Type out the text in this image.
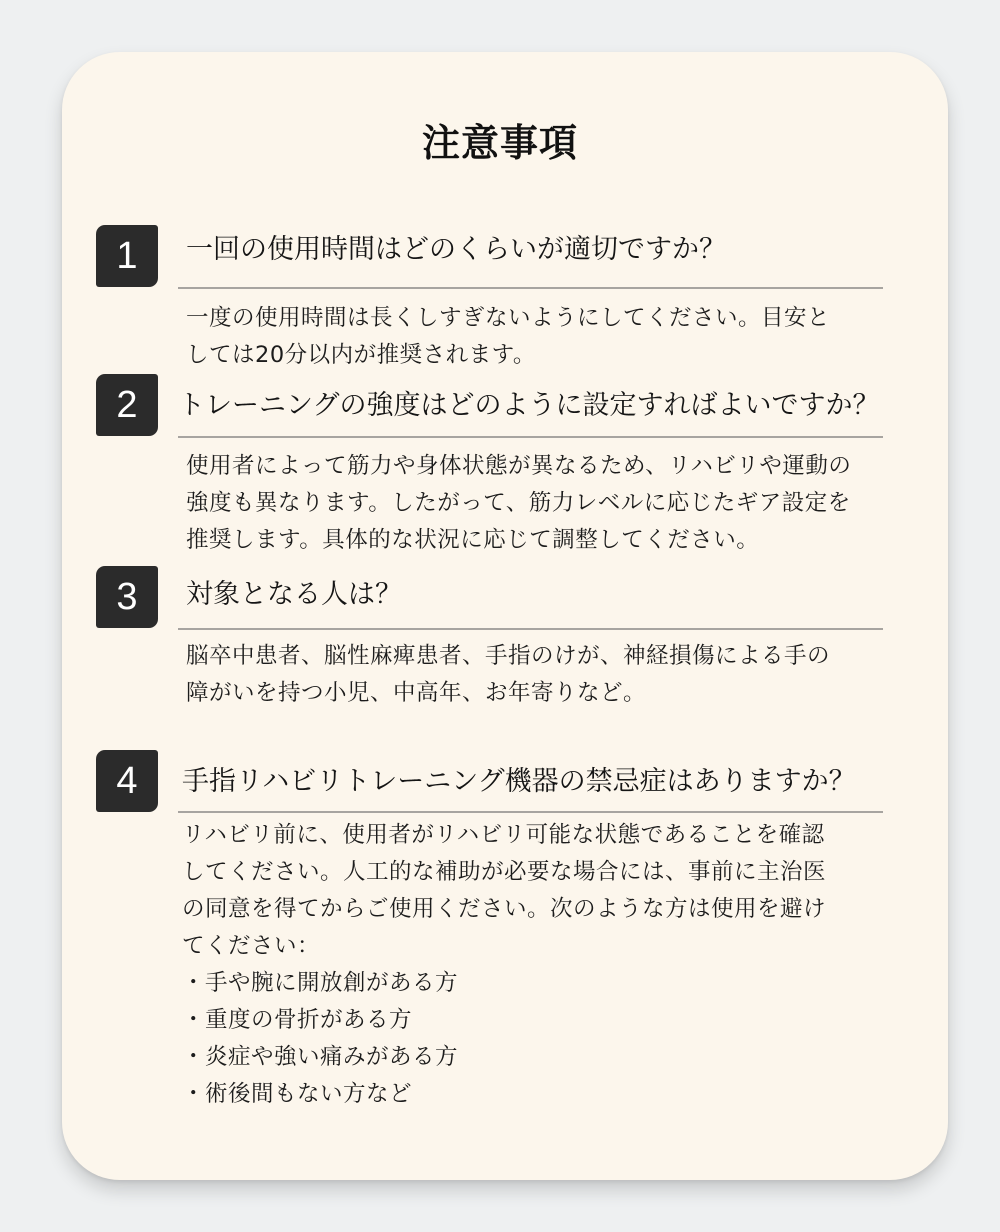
注意事項
1	一回の使用時間はどのくらいが適切ですか？
一度の使用時間は長くしすぎないようにしてください。目安と
しては20分以内が推奨されます。
2	トレーニングの強度はどのように設定すればよいですか？
使用者によって筋力や身体状態が異なるため、リハビリや運動の
強度も異なります。したがって、筋力レベルに応じたギア設定を
推奨します。具体的な状況に応じて調整してください。
3	対象となる人は？
脳卒中患者、脳性麻痺患者、手指のけが、神経損傷による手の
障がいを持つ小児、中高年、お年寄りなど。
4	手指リハビリトレーニング機器の禁忌症はありますか？
リハビリ前に、使用者がリハビリ可能な状態であることを確認
してください。人工的な補助が必要な場合には、事前に主治医
の同意を得てからご使用ください。次のような方は使用を避け
てください：
・手や腕に開放創がある方
・重度の骨折がある方
・炎症や強い痛みがある方
・術後間もない方など
